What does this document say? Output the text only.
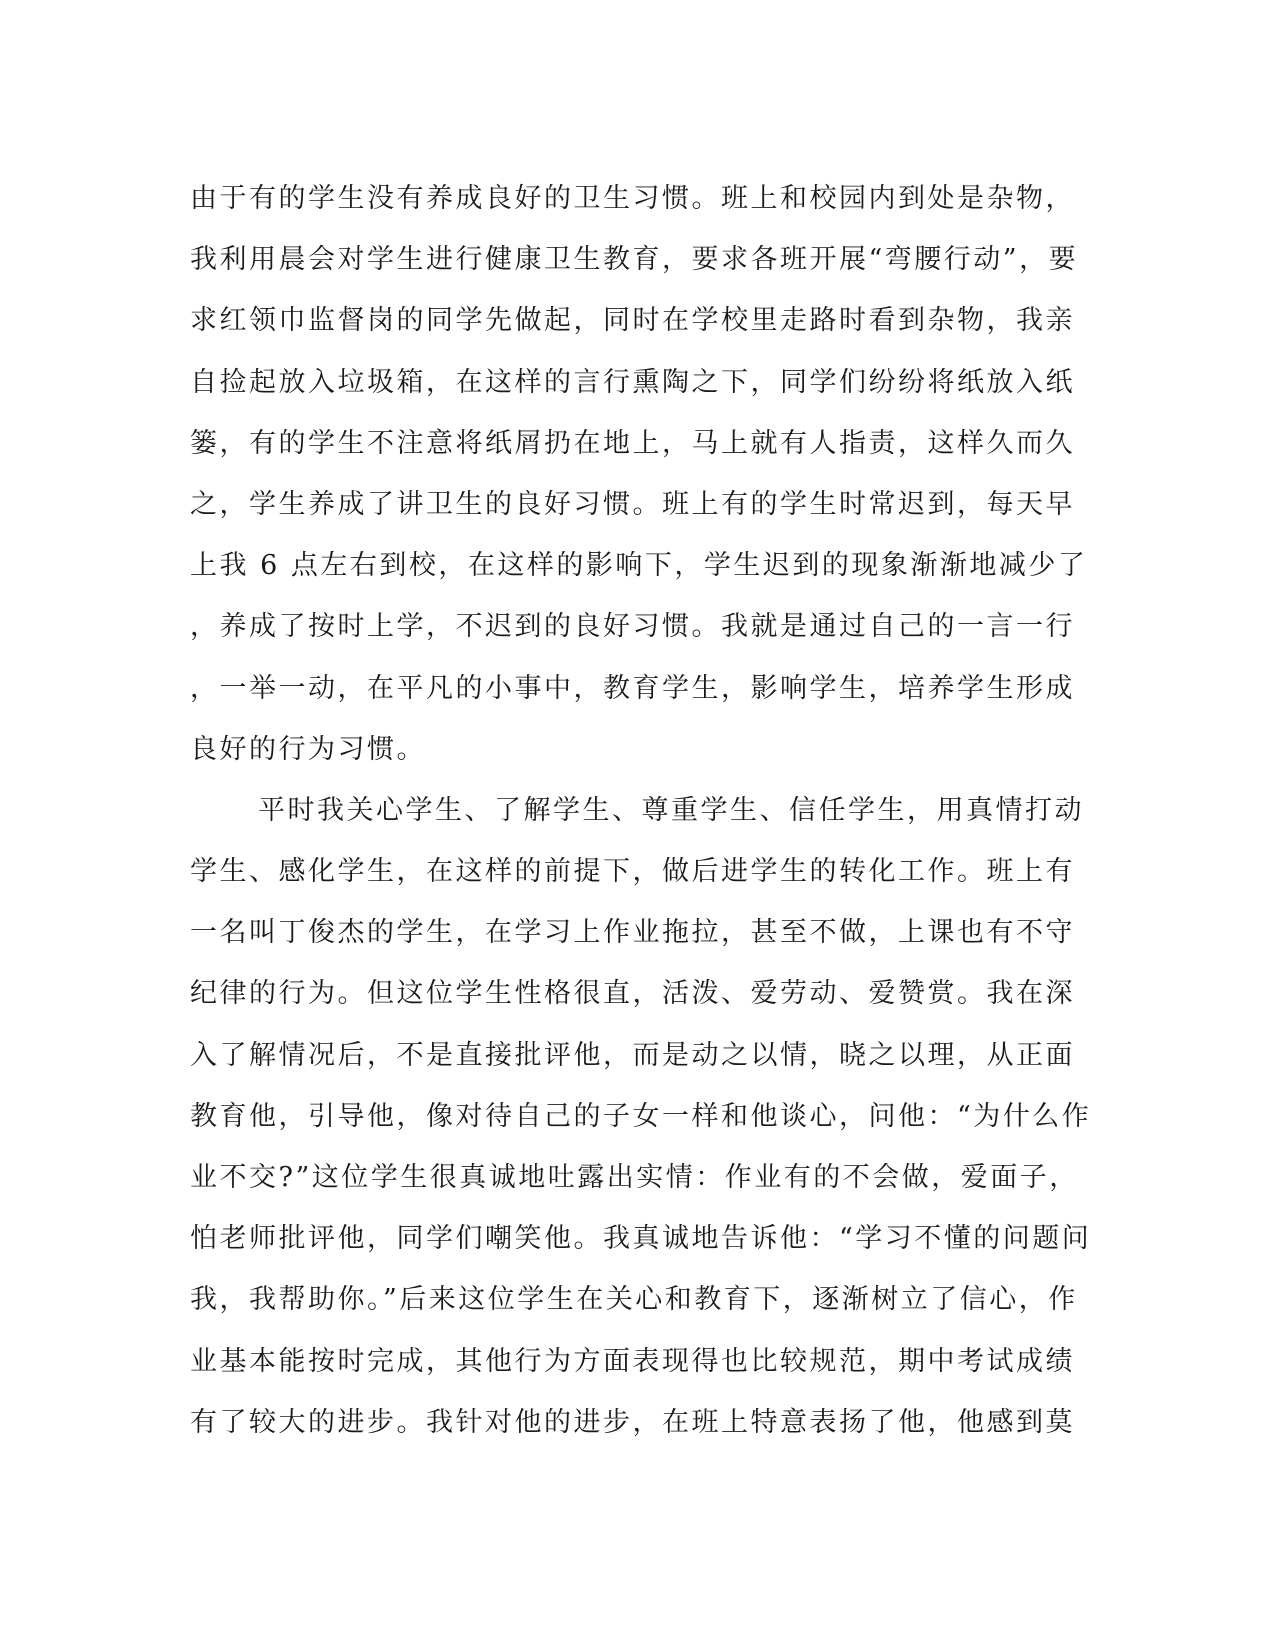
由于有的学生没有养成良好的卫生习惯。班上和校园内到处是杂物，
我利用晨会对学生进行健康卫生教育，要求各班开展“弯腰行动”，要
求红领巾监督岗的同学先做起，同时在学校里走路时看到杂物，我亲
自捡起放入垃圾箱，在这样的言行熏陶之下，同学们纷纷将纸放入纸
篓，有的学生不注意将纸屑扔在地上，马上就有人指责，这样久而久
之，学生养成了讲卫生的良好习惯。班上有的学生时常迟到，每天早
上我 6 点左右到校，在这样的影响下，学生迟到的现象渐渐地减少了
，养成了按时上学，不迟到的良好习惯。我就是通过自己的一言一行
，一举一动，在平凡的小事中，教育学生，影响学生，培养学生形成
良好的行为习惯。
平时我关心学生、了解学生、尊重学生、信任学生，用真情打动
学生、感化学生，在这样的前提下，做后进学生的转化工作。班上有
一名叫丁俊杰的学生，在学习上作业拖拉，甚至不做，上课也有不守
纪律的行为。但这位学生性格很直，活泼、爱劳动、爱赞赏。我在深
入了解情况后，不是直接批评他，而是动之以情，晓之以理，从正面
教育他，引导他，像对待自己的子女一样和他谈心，问他：“为什么作
业不交?”这位学生很真诚地吐露出实情：作业有的不会做，爱面子，
怕老师批评他，同学们嘲笑他。我真诚地告诉他：“学习不懂的问题问
我，我帮助你。”后来这位学生在关心和教育下，逐渐树立了信心，作
业基本能按时完成，其他行为方面表现得也比较规范，期中考试成绩
有了较大的进步。我针对他的进步，在班上特意表扬了他，他感到莫
